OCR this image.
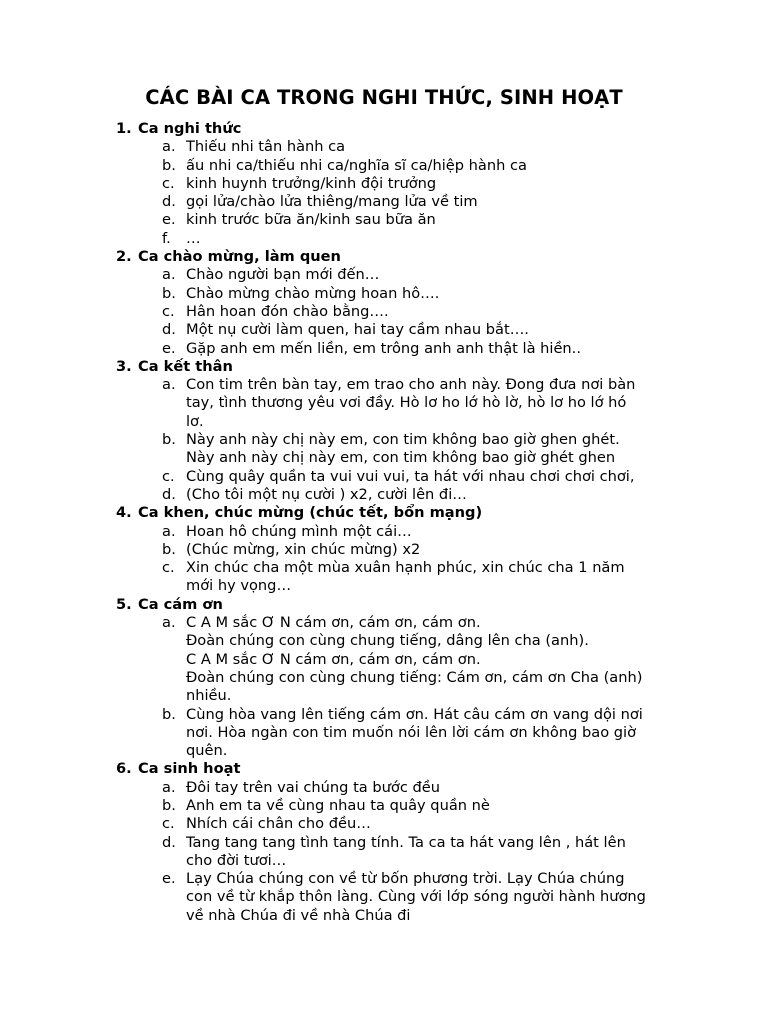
CÁC BÀI CA TRONG NGHI THỨC, SINH HOẠT
1. Ca nghi thức
a. Thiếu nhi tân hành ca
b. ấu nhi ca/thiếu nhi ca/nghĩa sĩ ca/hiệp hành ca
c. kinh huynh trưởng/kinh đội trưởng
d. gọi lửa/chào lửa thiêng/mang lửa về tim
e. kinh trước bữa ăn/kinh sau bữa ăn
f. …
2. Ca chào mừng, làm quen
a. Chào người bạn mới đến…
b. Chào mừng chào mừng hoan hô….
c. Hân hoan đón chào bằng….
d. Một nụ cười làm quen, hai tay cầm nhau bắt….
e. Gặp anh em mến liền, em trông anh anh thật là hiền..
3. Ca kết thân
a. Con tim trên bàn tay, em trao cho anh này. Đong đưa nơi bàn
tay, tình thương yêu vơi đầy. Hò lơ ho lớ hò lờ, hò lơ ho lớ hó
lơ.
b. Này anh này chị này em, con tim không bao giờ ghen ghét.
Này anh này chị này em, con tim không bao giờ ghét ghen
c. Cùng quây quần ta vui vui vui, ta hát với nhau chơi chơi chơi,
d. (Cho tôi một nụ cười ) x2, cười lên đi…
4. Ca khen, chúc mừng (chúc tết, bổn mạng)
a. Hoan hô chúng mình một cái…
b. (Chúc mừng, xin chúc mừng) x2
c. Xin chúc cha một mùa xuân hạnh phúc, xin chúc cha 1 năm
mới hy vọng…
5. Ca cám ơn
a. C A M sắc Ơ N cám ơn, cám ơn, cám ơn.
Đoàn chúng con cùng chung tiếng, dâng lên cha (anh).
C A M sắc Ơ N cám ơn, cám ơn, cám ơn.
Đoàn chúng con cùng chung tiếng: Cám ơn, cám ơn Cha (anh)
nhiều.
b. Cùng hòa vang lên tiếng cám ơn. Hát câu cám ơn vang dội nơi
nơi. Hòa ngàn con tim muốn nói lên lời cám ơn không bao giờ
quên.
6. Ca sinh hoạt
a. Đôi tay trên vai chúng ta bước đều
b. Anh em ta về cùng nhau ta quây quần nè
c. Nhích cái chân cho đều…
d. Tang tang tang tình tang tính. Ta ca ta hát vang lên , hát lên
cho đời tươi…
e. Lạy Chúa chúng con về từ bốn phương trời. Lạy Chúa chúng
con về từ khắp thôn làng. Cùng với lớp sóng người hành hương
về nhà Chúa đi về nhà Chúa đi
